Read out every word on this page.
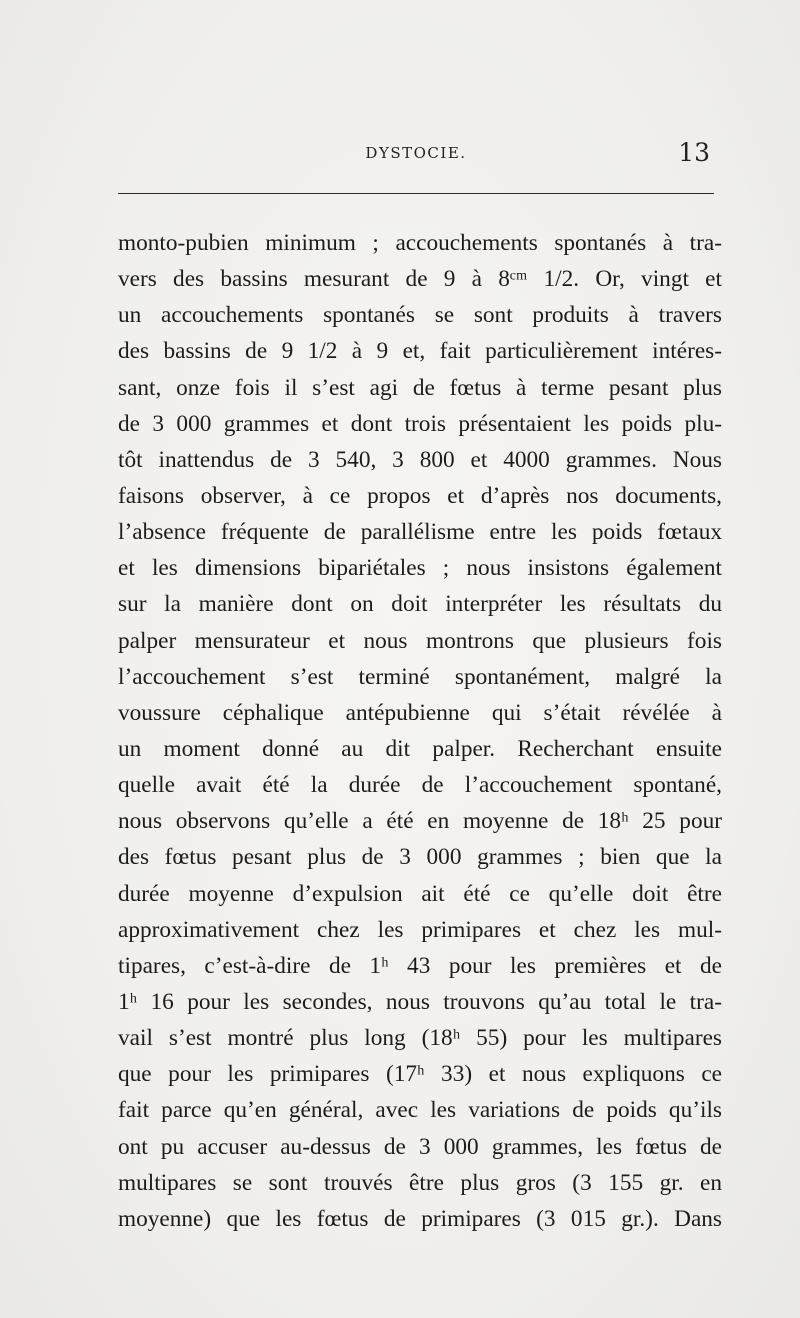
DYSTOCIE.	13
monto-pubien minimum ; accouchements spontanés à tra-
vers des bassins mesurant de 9 à 8ᶜᵐ 1/2. Or, vingt et
un accouchements spontanés se sont produits à travers
des bassins de 9 1/2 à 9 et, fait particulièrement intéres-
sant, onze fois il s’est agi de fœtus à terme pesant plus
de 3 000 grammes et dont trois présentaient les poids plu-
tôt inattendus de 3 540, 3 800 et 4000 grammes. Nous
faisons observer, à ce propos et d’après nos documents,
l’absence fréquente de parallélisme entre les poids fœtaux
et les dimensions bipariétales ; nous insistons également
sur la manière dont on doit interpréter les résultats du
palper mensurateur et nous montrons que plusieurs fois
l’accouchement s’est terminé spontanément, malgré la
voussure céphalique antépubienne qui s’était révélée à
un moment donné au dit palper. Recherchant ensuite
quelle avait été la durée de l’accouchement spontané,
nous observons qu’elle a été en moyenne de 18ʰ 25 pour
des fœtus pesant plus de 3 000 grammes ; bien que la
durée moyenne d’expulsion ait été ce qu’elle doit être
approximativement chez les primipares et chez les mul-
tipares, c’est-à-dire de 1ʰ 43 pour les premières et de
1ʰ 16 pour les secondes, nous trouvons qu’au total le tra-
vail s’est montré plus long (18ʰ 55) pour les multipares
que pour les primipares (17ʰ 33) et nous expliquons ce
fait parce qu’en général, avec les variations de poids qu’ils
ont pu accuser au-dessus de 3 000 grammes, les fœtus de
multipares se sont trouvés être plus gros (3 155 gr. en
moyenne) que les fœtus de primipares (3 015 gr.). Dans
